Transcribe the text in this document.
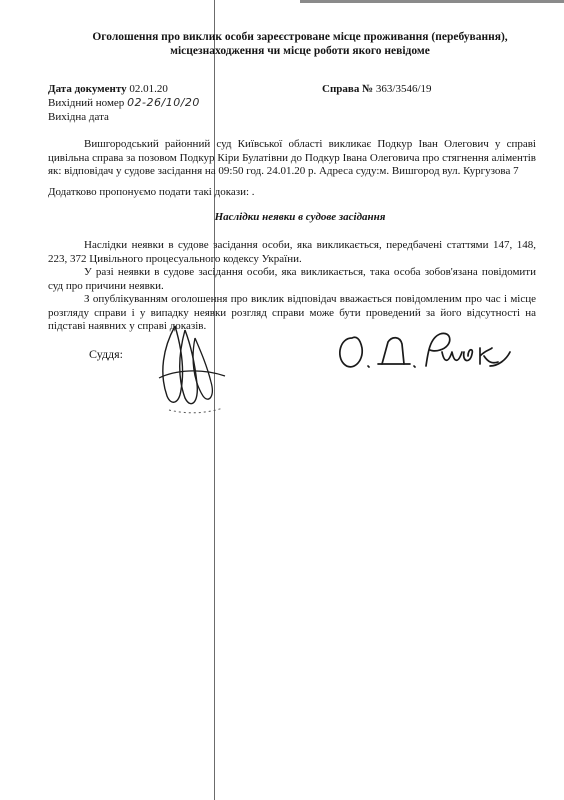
Оголошення про виклик особи зареєстроване місце проживання (перебування),
місцезнаходження чи місце роботи якого невідоме
Дата документу 02.01.20	Справа № 363/3546/19
Вихідний номер 02-26/10/20
Вихідна дата
Вишгородський районний суд Київської області викликає Подкур Іван Олегович у справі цивільна справа за позовом Подкур Кіри Булатівни до Подкур Івана Олеговича про стягнення аліментів як: відповідач у судове засідання на 09:50 год. 24.01.20 р. Адреса суду:м. Вишгород вул. Кургузова 7
Додатково пропонуємо подати такі докази: .
Наслідки неявки в судове засідання
Наслідки неявки в судове засідання особи, яка викликається, передбачені статтями 147, 148, 223, 372 Цивільного процесуального кодексу України.
У разі неявки в судове засідання особи, яка викликається, така особа зобов'язана повідомити суд про причини неявки.
З опублікуванням оголошення про виклик відповідач вважається повідомленим про час і місце розгляду справи і у випадку неявки розгляд справи може бути проведений за його відсутності на підставі наявних у справі доказів.
Суддя:
